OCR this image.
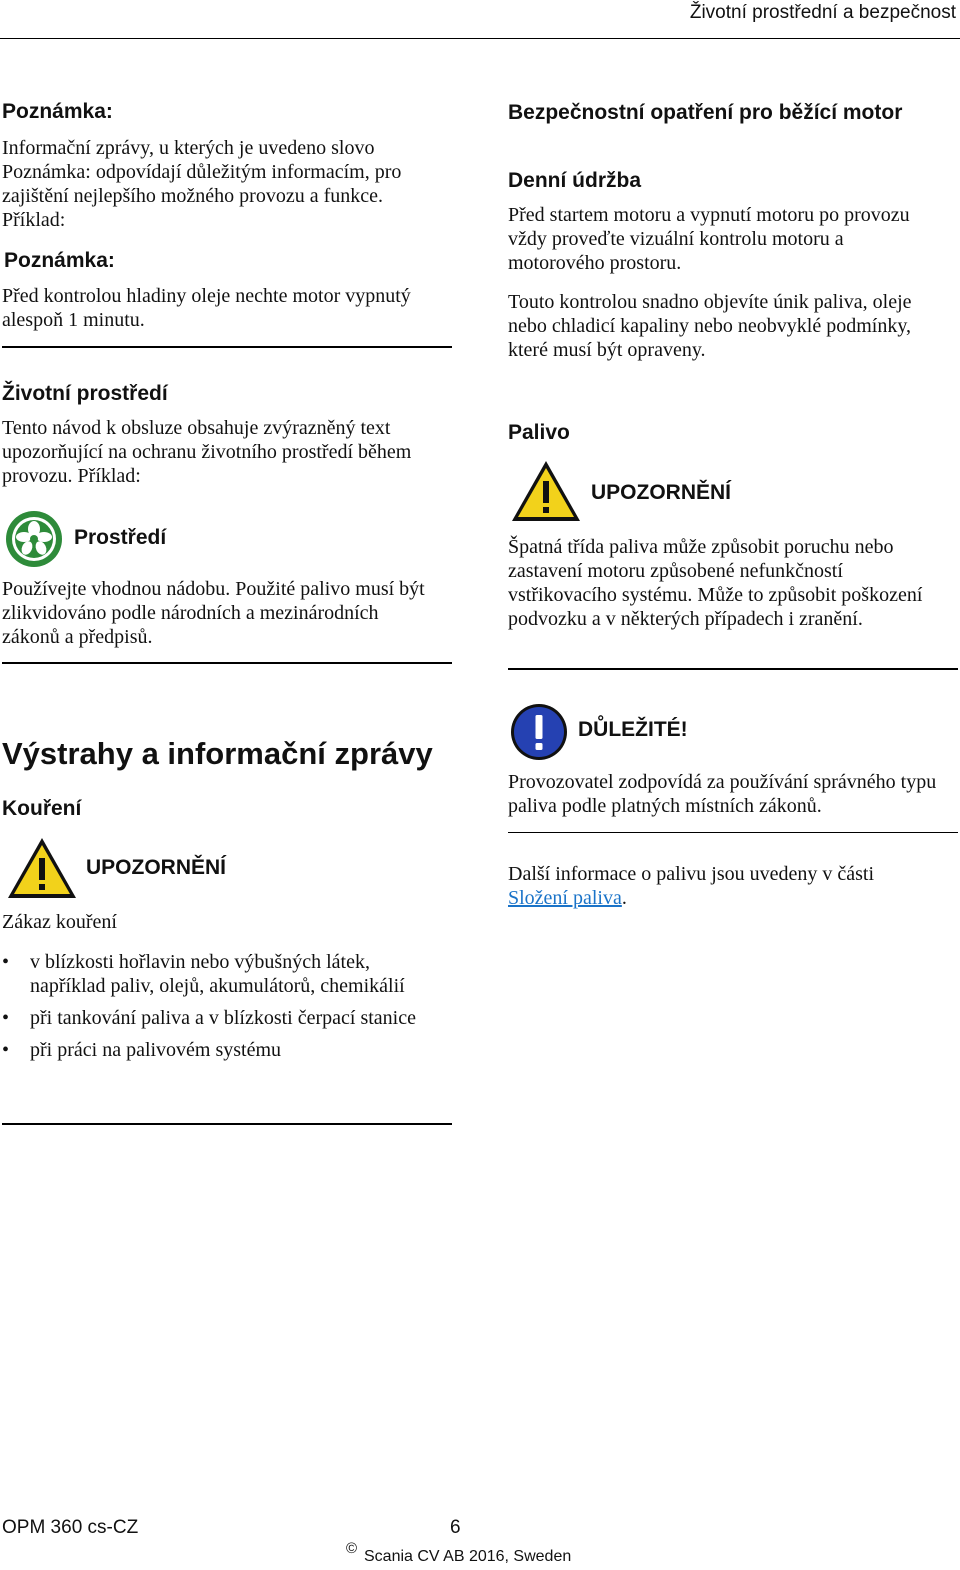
Životní prostřední a bezpečnost
Poznámka:
Informační zprávy, u kterých je uvedeno slovo Poznámka: odpovídají důležitým informacím, pro zajištění nejlepšího možného provozu a funkce. Příklad:
Poznámka:
Před kontrolou hladiny oleje nechte motor vypnutý alespoň 1 minutu.
Životní prostředí
Tento návod k obsluze obsahuje zvýrazněný text upozorňující na ochranu životního prostředí během provozu. Příklad:
Prostředí
Používejte vhodnou nádobu. Použité palivo musí být zlikvidováno podle národních a mezinárodních zákonů a předpisů.
Výstrahy a informační zprávy
Kouření
UPOZORNĚNÍ
Zákaz kouření
• v blízkosti hořlavin nebo výbušných látek, například paliv, olejů, akumulátorů, chemikálií
• při tankování paliva a v blízkosti čerpací stanice
• při práci na palivovém systému
Bezpečnostní opatření pro běžící motor
Denní údržba
Před startem motoru a vypnutí motoru po provozu vždy proveďte vizuální kontrolu motoru a motorového prostoru.
Touto kontrolou snadno objevíte únik paliva, oleje nebo chladicí kapaliny nebo neobvyklé podmínky, které musí být opraveny.
Palivo
UPOZORNĚNÍ
Špatná třída paliva může způsobit poruchu nebo zastavení motoru způsobené nefunkčností vstřikovacího systému. Může to způsobit poškození podvozku a v některých případech i zranění.
DŮLEŽITÉ!
Provozovatel zodpovídá za používání správného typu paliva podle platných místních zákonů.
Další informace o palivu jsou uvedeny v části Složení paliva.
OPM 360 cs-CZ	6
© Scania CV AB 2016, Sweden
